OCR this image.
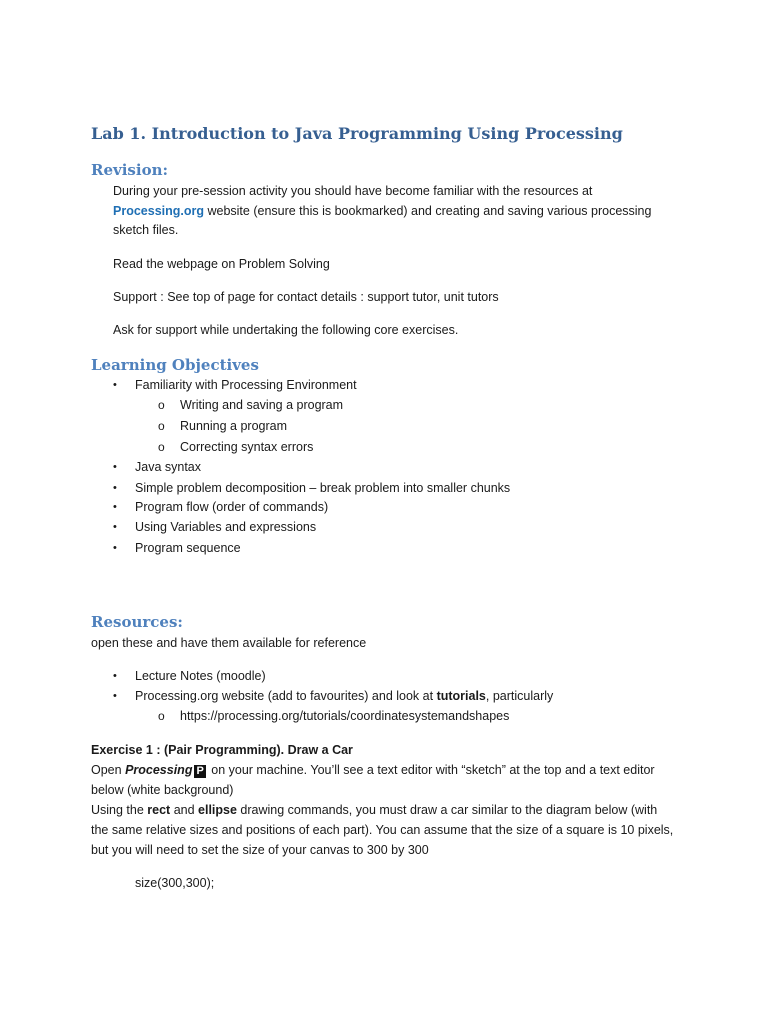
Lab 1. Introduction to Java Programming Using Processing
Revision:
During your pre-session activity you should have become familiar with the resources at
Processing.org website (ensure this is bookmarked) and creating and saving various processing
sketch files.
Read the webpage on Problem Solving
Support : See top of page for contact details : support tutor, unit tutors
Ask for support while undertaking the following core exercises.
Learning Objectives
• Familiarity with Processing Environment
o Writing and saving a program
o Running a program
o Correcting syntax errors
• Java syntax
• Simple problem decomposition – break problem into smaller chunks
• Program flow (order of commands)
• Using Variables and expressions
• Program sequence
Resources:
open these and have them available for reference
• Lecture Notes (moodle)
• Processing.org website (add to favourites) and look at tutorials, particularly
o https://processing.org/tutorials/coordinatesystemandshapes
Exercise 1 : (Pair Programming). Draw a Car
Open Processing P on your machine. You’ll see a text editor with “sketch” at the top and a text editor
below (white background)
Using the rect and ellipse drawing commands, you must draw a car similar to the diagram below (with
the same relative sizes and positions of each part). You can assume that the size of a square is 10 pixels,
but you will need to set the size of your canvas to 300 by 300
size(300,300);
